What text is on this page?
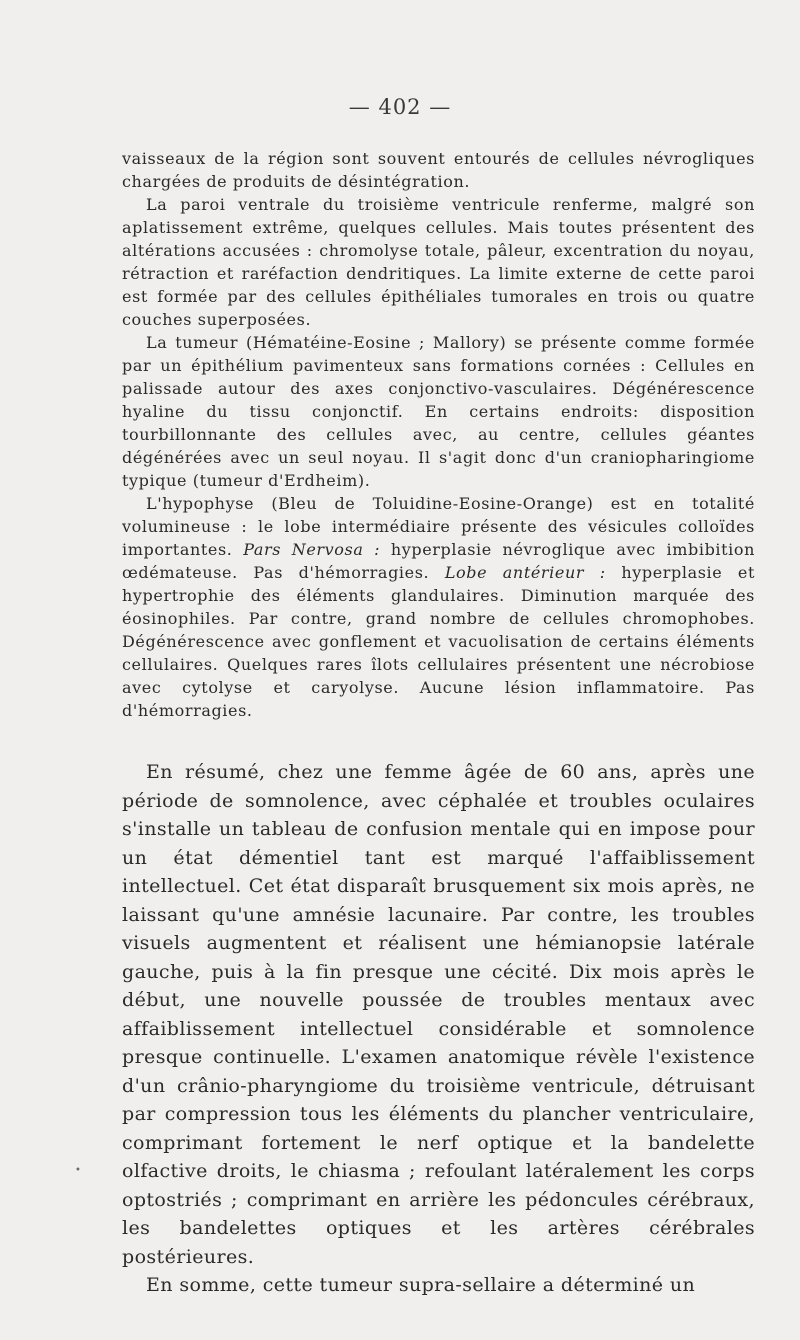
— 402 —

vaisseaux de la région sont souvent entourés de cellules névrogliques chargées de produits de désintégration.

La paroi ventrale du troisième ventricule renferme, malgré son aplatissement extrême, quelques cellules. Mais toutes présentent des altérations accusées : chromolyse totale, pâleur, excentration du noyau, rétraction et raréfaction dendritiques. La limite externe de cette paroi est formée par des cellules épithéliales tumorales en trois ou quatre couches superposées.

La tumeur (Hématéine-Eosine ; Mallory) se présente comme formée par un épithélium pavimenteux sans formations cornées : Cellules en palissade autour des axes conjonctivo-vasculaires. Dégénérescence hyaline du tissu conjonctif. En certains endroits: disposition tourbillonnante des cellules avec, au centre, cellules géantes dégénérées avec un seul noyau. Il s'agit donc d'un craniopharingiome typique (tumeur d'Erdheim).

L'hypophyse (Bleu de Toluidine-Eosine-Orange) est en totalité volumineuse : le lobe intermédiaire présente des vésicules colloïdes importantes. Pars Nervosa : hyperplasie névroglique avec imbibition œdémateuse. Pas d'hémorragies. Lobe antérieur : hyperplasie et hypertrophie des éléments glandulaires. Diminution marquée des éosinophiles. Par contre, grand nombre de cellules chromophobes. Dégénérescence avec gonflement et vacuolisation de certains éléments cellulaires. Quelques rares îlots cellulaires présentent une nécrobiose avec cytolyse et caryolyse. Aucune lésion inflammatoire. Pas d'hémorragies.

En résumé, chez une femme âgée de 60 ans, après une période de somnolence, avec céphalée et troubles oculaires s'installe un tableau de confusion mentale qui en impose pour un état démentiel tant est marqué l'affaiblissement intellectuel. Cet état disparaît brusquement six mois après, ne laissant qu'une amnésie lacunaire. Par contre, les troubles visuels augmentent et réalisent une hémianopsie latérale gauche, puis à la fin presque une cécité. Dix mois après le début, une nouvelle poussée de troubles mentaux avec affaiblissement intellectuel considérable et somnolence presque continuelle. L'examen anatomique révèle l'existence d'un crânio-pharyngiome du troisième ventricule, détruisant par compression tous les éléments du plancher ventriculaire, comprimant fortement le nerf optique et la bandelette olfactive droits, le chiasma ; refoulant latéralement les corps optostriés ; comprimant en arrière les pédoncules cérébraux, les bandelettes optiques et les artères cérébrales postérieures.

En somme, cette tumeur supra-sellaire a déterminé un

•
